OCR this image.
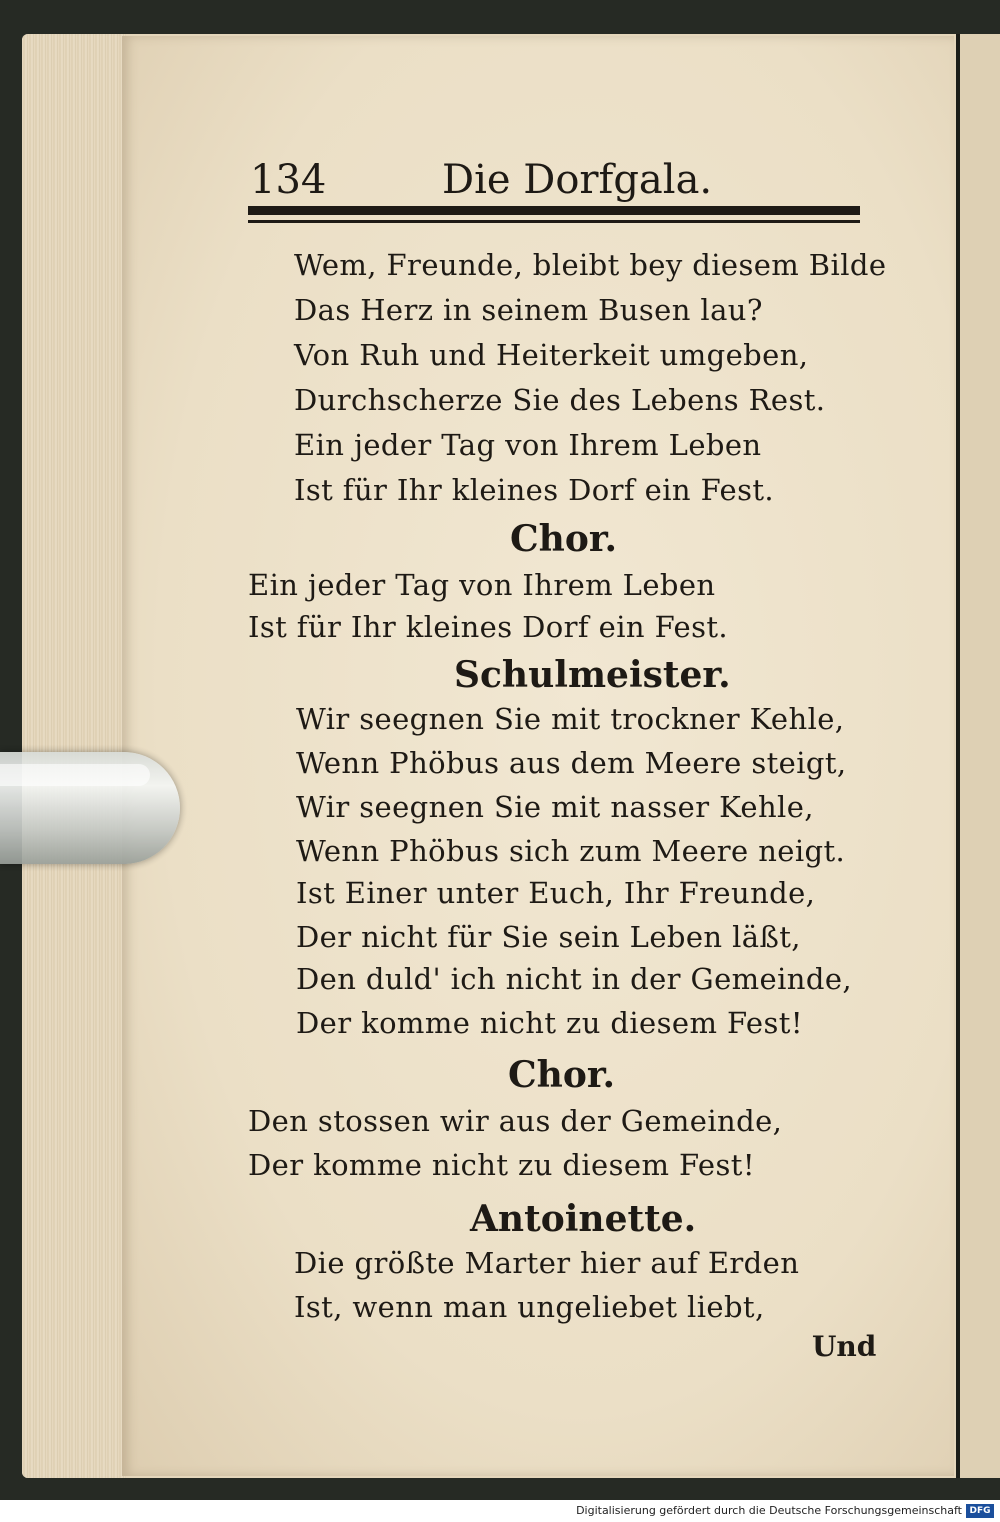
134	Die Dorfgala.
Wem, Freunde, bleibt bey diesem Bilde
Das Herz in seinem Busen lau?
Von Ruh und Heiterkeit umgeben,
Durchscherze Sie des Lebens Rest.
Ein jeder Tag von Ihrem Leben
Ist für Ihr kleines Dorf ein Fest.
Chor.
Ein jeder Tag von Ihrem Leben
Ist für Ihr kleines Dorf ein Fest.
Schulmeister.
Wir seegnen Sie mit trockner Kehle,
Wenn Phöbus aus dem Meere steigt,
Wir seegnen Sie mit nasser Kehle,
Wenn Phöbus sich zum Meere neigt.
Ist Einer unter Euch, Ihr Freunde,
Der nicht für Sie sein Leben läßt,
Den duld' ich nicht in der Gemeinde,
Der komme nicht zu diesem Fest!
Chor.
Den stossen wir aus der Gemeinde,
Der komme nicht zu diesem Fest!
Antoinette.
Die größte Marter hier auf Erden
Ist, wenn man ungeliebet liebt,
Und
Digitalisierung gefördert durch die Deutsche Forschungsgemeinschaft DFG
